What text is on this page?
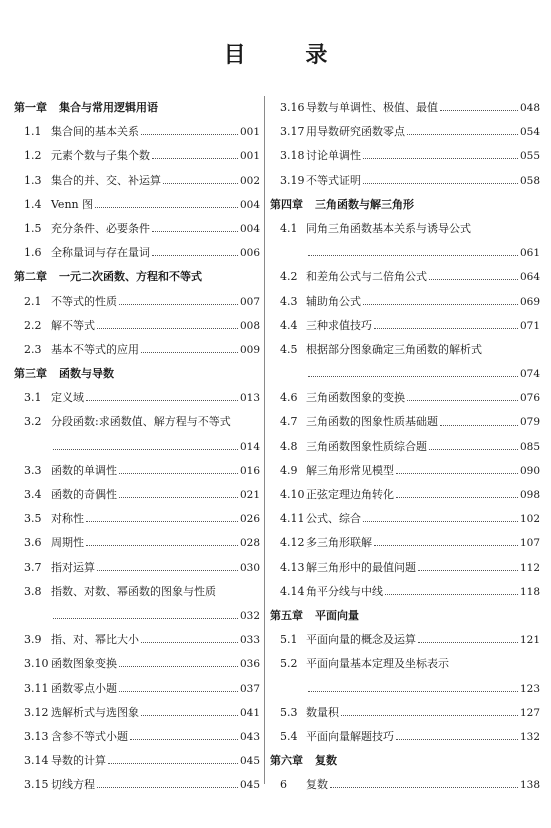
目 录
第一章 集合与常用逻辑用语
1.1 集合间的基本关系	001
1.2 元素个数与子集个数	001
1.3 集合的并、交、补运算	002
1.4 Venn 图	004
1.5 充分条件、必要条件	004
1.6 全称量词与存在量词	006
第二章 一元二次函数、方程和不等式
2.1 不等式的性质	007
2.2 解不等式	008
2.3 基本不等式的应用	009
第三章 函数与导数
3.1 定义域	013
3.2 分段函数:求函数值、解方程与不等式
014
3.3 函数的单调性	016
3.4 函数的奇偶性	021
3.5 对称性	026
3.6 周期性	028
3.7 指对运算	030
3.8 指数、对数、幂函数的图象与性质
032
3.9 指、对、幂比大小	033
3.10 函数图象变换	036
3.11 函数零点小题	037
3.12 选解析式与选图象	041
3.13 含参不等式小题	043
3.14 导数的计算	045
3.15 切线方程	045
3.16 导数与单调性、极值、最值	048
3.17 用导数研究函数零点	054
3.18 讨论单调性	055
3.19 不等式证明	058
第四章 三角函数与解三角形
4.1 同角三角函数基本关系与诱导公式
061
4.2 和差角公式与二倍角公式	064
4.3 辅助角公式	069
4.4 三种求值技巧	071
4.5 根据部分图象确定三角函数的解析式
074
4.6 三角函数图象的变换	076
4.7 三角函数的图象性质基础题	079
4.8 三角函数图象性质综合题	085
4.9 解三角形常见模型	090
4.10 正弦定理边角转化	098
4.11 公式、综合	102
4.12 多三角形联解	107
4.13 解三角形中的最值问题	112
4.14 角平分线与中线	118
第五章 平面向量
5.1 平面向量的概念及运算	121
5.2 平面向量基本定理及坐标表示
123
5.3 数量积	127
5.4 平面向量解题技巧	132
第六章 复数
6	复数	138
